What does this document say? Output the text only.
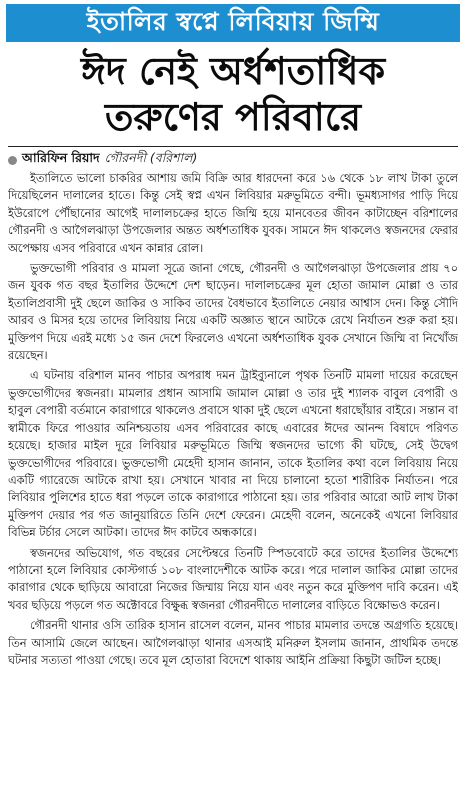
ইতালির স্বপ্নে লিবিয়ায় জিম্মি
ঈদ নেই অর্ধশতাধিক
তরুণের পরিবারে
আরিফিন রিয়াদ গৌরনদী (বরিশাল)

ইতালিতে ভালো চাকরির আশায় জমি বিক্রি আর ধারদেনা করে ১৬ থেকে ১৮ লাখ টাকা তুলে দিয়েছিলেন দালালের হাতে। কিন্তু সেই স্বপ্ন এখন লিবিয়ার মরুভূমিতে বন্দী। ভূমধ্যসাগর পাড়ি দিয়ে ইউরোপে পৌঁছানোর আগেই দালালচক্রের হাতে জিম্মি হয়ে মানবেতর জীবন কাটাচ্ছেন বরিশালের গৌরনদী ও আগৈলঝাড়া উপজেলার অন্তত অর্ধশতাধিক যুবক। সামনে ঈদ থাকলেও স্বজনদের ফেরার অপেক্ষায় এসব পরিবারে এখন কান্নার রোল।

ভুক্তভোগী পরিবার ও মামলা সূত্রে জানা গেছে, গৌরনদী ও আগৈলঝাড়া উপজেলার প্রায় ৭০ জন যুবক গত বছর ইতালির উদ্দেশে দেশ ছাড়েন। দালালচক্রের মূল হোতা জামাল মোল্লা ও তার ইতালিপ্রবাসী দুই ছেলে জাকির ও সাকিব তাদের বৈধভাবে ইতালিতে নেয়ার আশ্বাস দেন। কিন্তু সৌদি আরব ও মিসর হয়ে তাদের লিবিয়ায় নিয়ে একটি অজ্ঞাত স্থানে আটকে রেখে নির্যাতন শুরু করা হয়। মুক্তিপণ দিয়ে এরই মধ্যে ১৫ জন দেশে ফিরলেও এখনো অর্ধশতাধিক যুবক সেখানে জিম্মি বা নিখোঁজ রয়েছেন।

এ ঘটনায় বরিশাল মানব পাচার অপরাধ দমন ট্রাইব্যুনালে পৃথক তিনটি মামলা দায়ের করেছেন ভুক্তভোগীদের স্বজনরা। মামলার প্রধান আসামি জামাল মোল্লা ও তার দুই শ্যালক বাবুল বেপারী ও হাবুল বেপারী বর্তমানে কারাগারে থাকলেও প্রবাসে থাকা দুই ছেলে এখনো ধরাছোঁয়ার বাইরে। সন্তান বা স্বামীকে ফিরে পাওয়ার অনিশ্চয়তায় এসব পরিবারের কাছে এবারের ঈদের আনন্দ বিষাদে পরিণত হয়েছে। হাজার মাইল দূরে লিবিয়ার মরুভূমিতে জিম্মি স্বজনদের ভাগ্যে কী ঘটছে, সেই উদ্বেগ ভুক্তভোগীদের পরিবারে। ভুক্তভোগী মেহেদী হাসান জানান, তাকে ইতালির কথা বলে লিবিয়ায় নিয়ে একটি গ্যারেজে আটকে রাখা হয়। সেখানে খাবার না দিয়ে চালানো হতো শারীরিক নির্যাতন। পরে লিবিয়ার পুলিশের হাতে ধরা পড়লে তাকে কারাগারে পাঠানো হয়। তার পরিবার আরো আট লাখ টাকা মুক্তিপণ দেয়ার পর গত জানুয়ারিতে তিনি দেশে ফেরেন। মেহেদী বলেন, অনেকেই এখনো লিবিয়ার বিভিন্ন টর্চার সেলে আটকা। তাদের ঈদ কাটবে অন্ধকারে।

স্বজনদের অভিযোগ, গত বছরের সেপ্টেম্বরে তিনটি স্পিডবোটে করে তাদের ইতালির উদ্দেশ্যে পাঠানো হলে লিবিয়ার কোস্টগার্ড ১০৮ বাংলাদেশীকে আটক করে। পরে দালাল জাকির মোল্লা তাদের কারাগার থেকে ছাড়িয়ে আবারো নিজের জিম্মায় নিয়ে যান এবং নতুন করে মুক্তিপণ দাবি করেন। এই খবর ছড়িয়ে পড়লে গত অক্টোবরে বিক্ষুব্ধ স্বজনরা গৌরনদীতে দালালের বাড়িতে বিক্ষোভও করেন।

গৌরনদী থানার ওসি তারিক হাসান রাসেল বলেন, মানব পাচার মামলার তদন্তে অগ্রগতি হয়েছে। তিন আসামি জেলে আছেন। আগৈলঝাড়া থানার এসআই মনিরুল ইসলাম জানান, প্রাথমিক তদন্তে ঘটনার সত্যতা পাওয়া গেছে। তবে মূল হোতারা বিদেশে থাকায় আইনি প্রক্রিয়া কিছুটা জটিল হচ্ছে।
